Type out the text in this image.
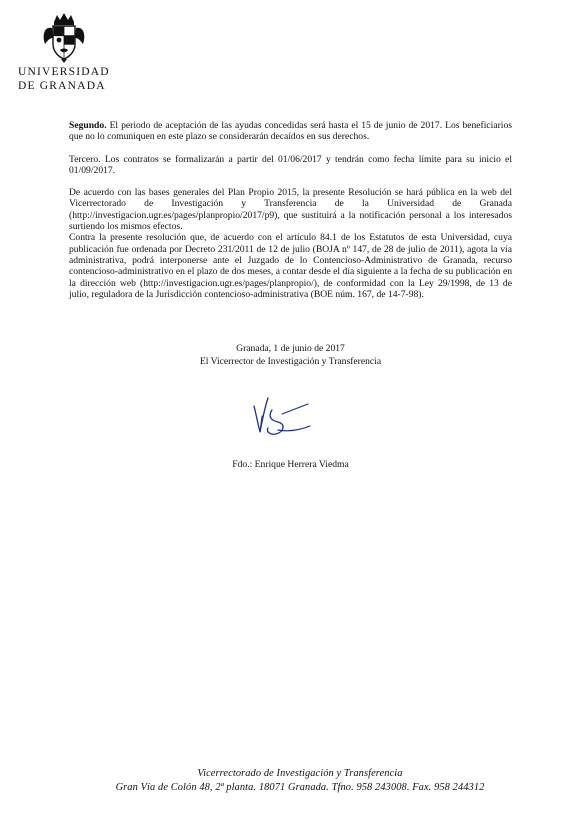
UNIVERSIDAD
DE GRANADA

Segundo. El periodo de aceptación de las ayudas concedidas será hasta el 15 de junio de 2017. Los beneficiarios que no lo comuniquen en este plazo se considerarán decaídos en sus derechos.

Tercero. Los contratos se formalizarán a partir del 01/06/2017 y tendrán como fecha límite para su inicio el 01/09/2017.

De acuerdo con las bases generales del Plan Propio 2015, la presente Resolución se hará pública en la web del Vicerrectorado de Investigación y Transferencia de la Universidad de Granada (http://investigacion.ugr.es/pages/planpropio/2017/p9), que sustituirá a la notificación personal a los interesados surtiendo los mismos efectos.

Contra la presente resolución que, de acuerdo con el artículo 84.1 de los Estatutos de esta Universidad, cuya publicación fue ordenada por Decreto 231/2011 de 12 de julio (BOJA nº 147, de 28 de julio de 2011), agota la vía administrativa, podrá interponerse ante el Juzgado de lo Contencioso-Administrativo de Granada, recurso contencioso-administrativo en el plazo de dos meses, a contar desde el día siguiente a la fecha de su publicación en la dirección web (http://investigacion.ugr.es/pages/planpropio/), de conformidad con la Ley 29/1998, de 13 de julio, reguladora de la Jurisdicción contencioso-administrativa (BOE núm. 167, de 14-7-98).

Granada, 1 de junio de 2017
El Vicerrector de Investigación y Transferencia
Fdo.: Enrique Herrera Viedma
Vicerrectorado de Investigación y Transferencia
Gran Vía de Colón 48, 2ª planta. 18071 Granada. Tfno. 958 243008. Fax. 958 244312
